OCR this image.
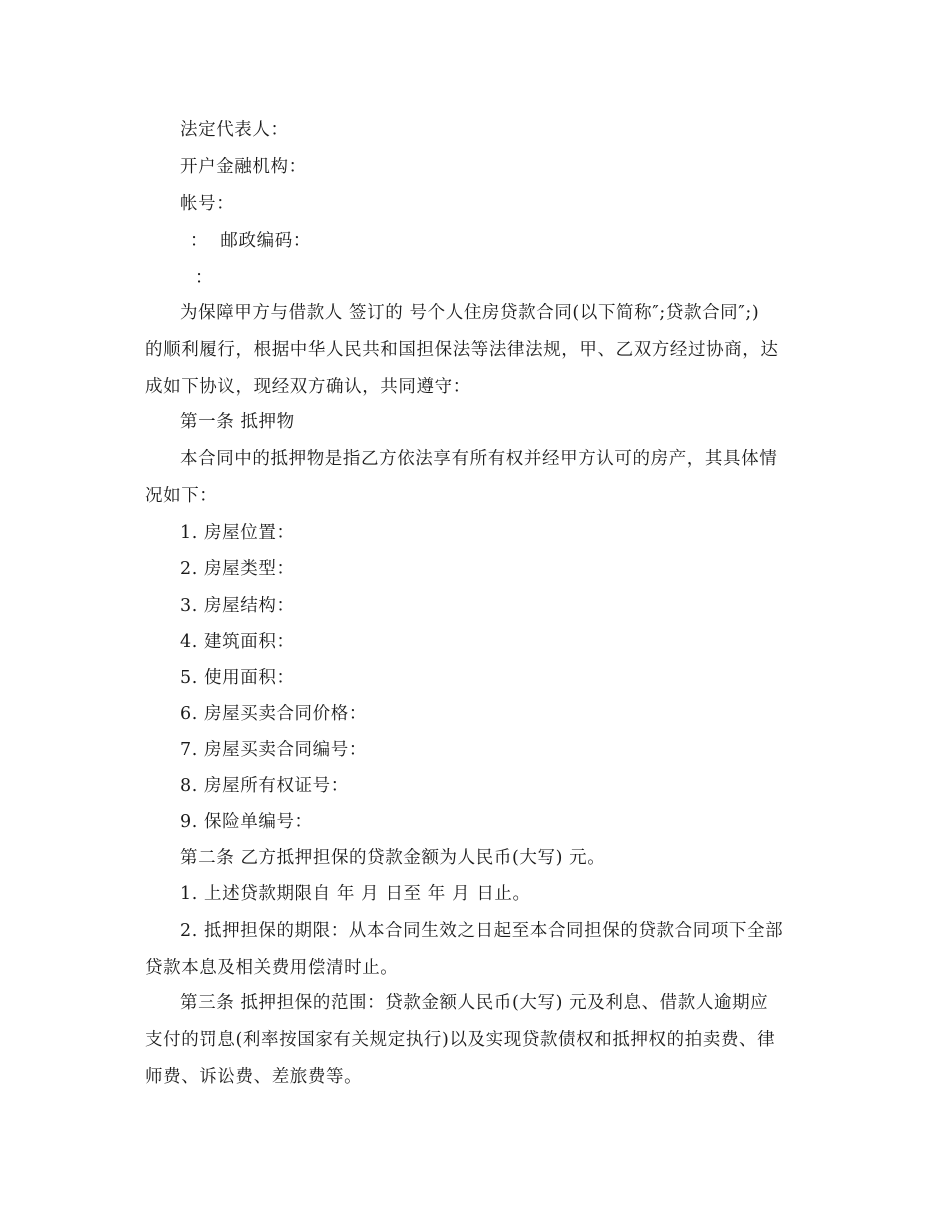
法定代表人：
开户金融机构：
帐号：
：  邮政编码：
：
为保障甲方与借款人 签订的 号个人住房贷款合同(以下简称″;贷款合同″;)
的顺利履行，根据中华人民共和国担保法等法律法规，甲、乙双方经过协商，达
成如下协议，现经双方确认，共同遵守：
第一条 抵押物
本合同中的抵押物是指乙方依法享有所有权并经甲方认可的房产，其具体情
况如下：
1. 房屋位置：
2. 房屋类型：
3. 房屋结构：
4. 建筑面积：
5. 使用面积：
6. 房屋买卖合同价格：
7. 房屋买卖合同编号：
8. 房屋所有权证号：
9. 保险单编号：
第二条 乙方抵押担保的贷款金额为人民币(大写) 元。
1. 上述贷款期限自 年 月 日至 年 月 日止。
2. 抵押担保的期限：从本合同生效之日起至本合同担保的贷款合同项下全部
贷款本息及相关费用偿清时止。
第三条 抵押担保的范围：贷款金额人民币(大写) 元及利息、借款人逾期应
支付的罚息(利率按国家有关规定执行)以及实现贷款债权和抵押权的拍卖费、律
师费、诉讼费、差旅费等。
